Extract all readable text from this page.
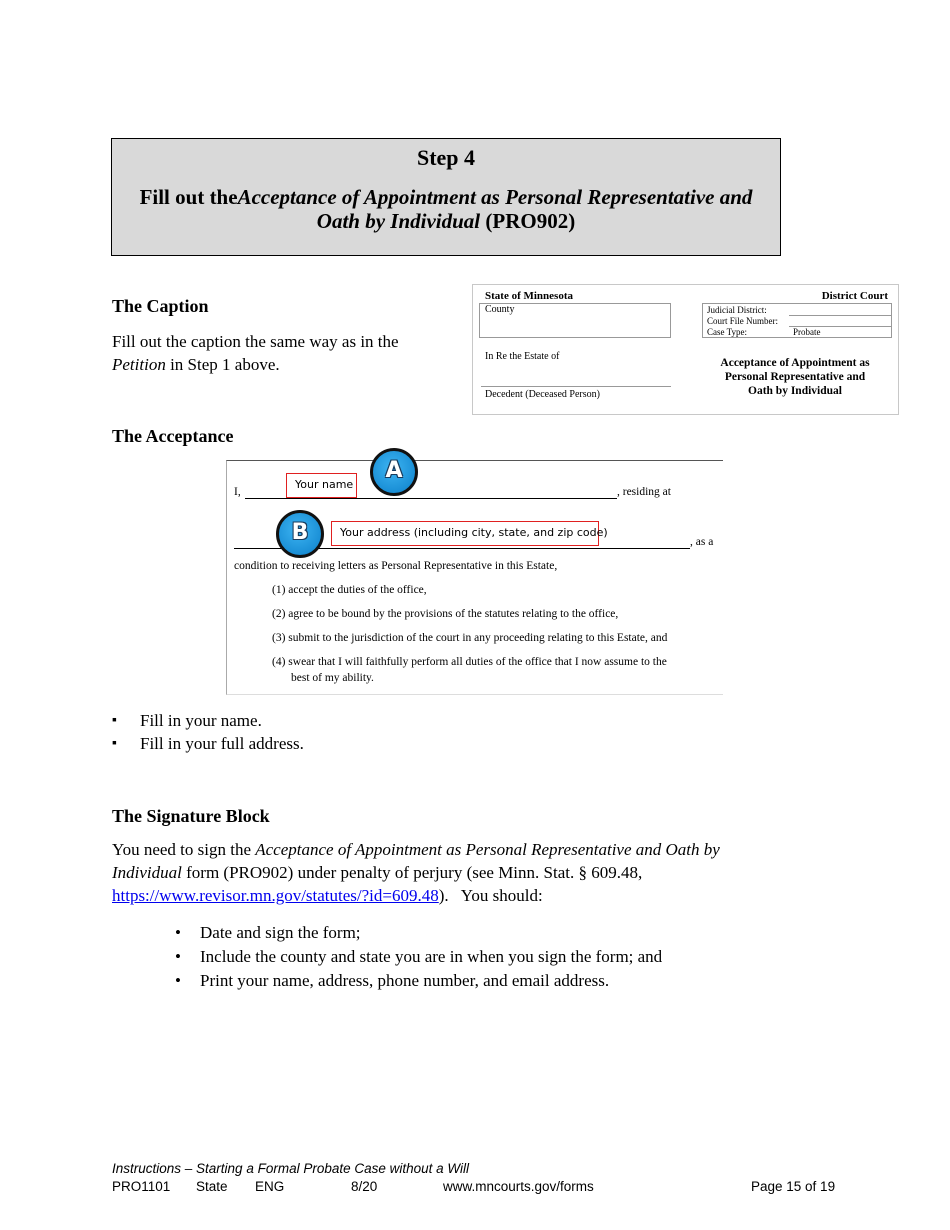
Step 4
Fill out theAcceptance of Appointment as Personal Representative and
Oath by Individual (PRO902)
The Caption
Fill out the caption the same way as in the
Petition in Step 1 above.
State of Minnesota	District Court
County	Judicial District:
Court File Number:
Case Type:	Probate
In Re the Estate of
Decedent (Deceased Person)
Acceptance of Appointment as
Personal Representative and
Oath by Individual
The Acceptance
I,	, residing at
, as a
condition to receiving letters as Personal Representative in this Estate,
(1) accept the duties of the office,
(2) agree to be bound by the provisions of the statutes relating to the office,
(3) submit to the jurisdiction of the court in any proceeding relating to this Estate, and
(4) swear that I will faithfully perform all duties of the office that I now assume to the
best of my ability.
Your name
A
B	Your address (including city, state, and zip code)
▪ Fill in your name.
▪ Fill in your full address.
The Signature Block
You need to sign the Acceptance of Appointment as Personal Representative and Oath by
Individual form (PRO902) under penalty of perjury (see Minn. Stat. § 609.48,
https://www.revisor.mn.gov/statutes/?id=609.48).   You should:
• Date and sign the form;
• Include the county and state you are in when you sign the form; and
• Print your name, address, phone number, and email address.
Instructions – Starting a Formal Probate Case without a Will
PRO1101 State ENG	8/20	www.mncourts.gov/forms	Page 15 of 19
